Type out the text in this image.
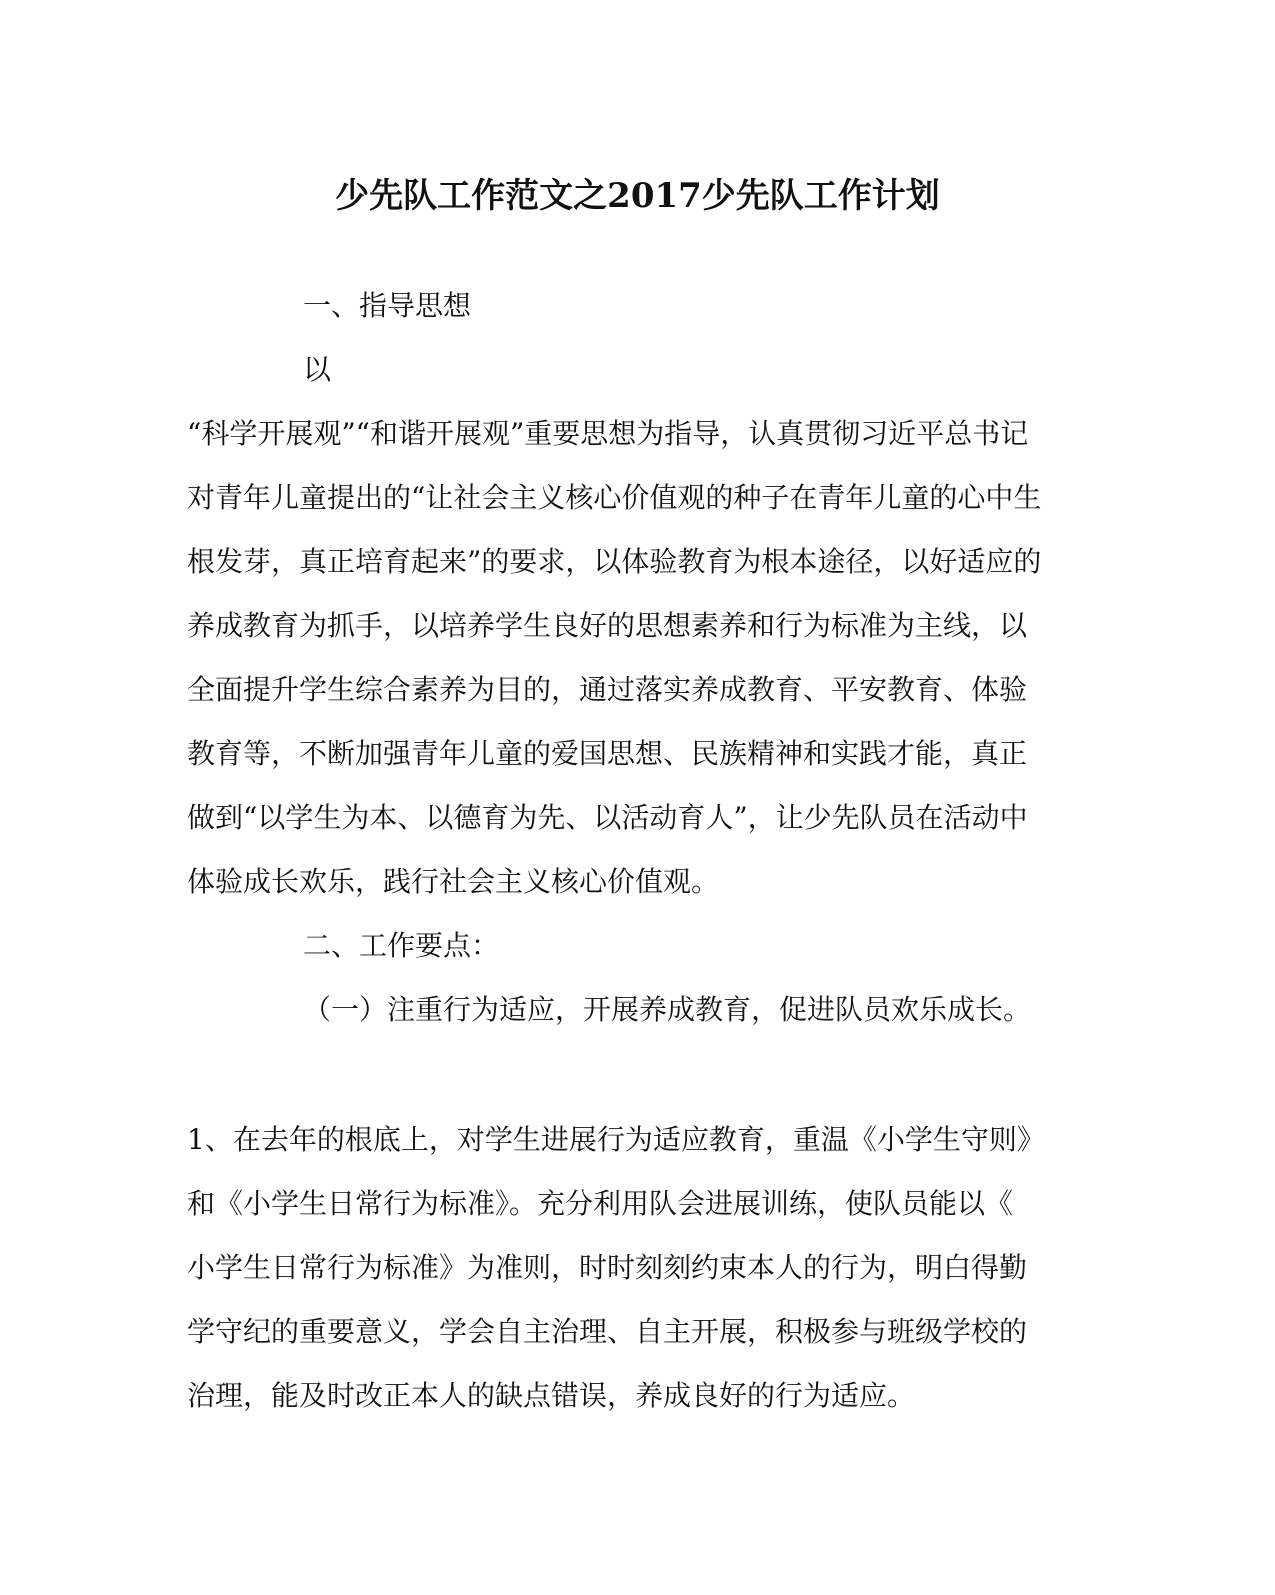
少先队工作范文之2017少先队工作计划
一、指导思想
以
“科学开展观”“和谐开展观”重要思想为指导，认真贯彻习近平总书记
对青年儿童提出的“让社会主义核心价值观的种子在青年儿童的心中生
根发芽，真正培育起来”的要求，以体验教育为根本途径，以好适应的
养成教育为抓手，以培养学生良好的思想素养和行为标准为主线，以
全面提升学生综合素养为目的，通过落实养成教育、平安教育、体验
教育等，不断加强青年儿童的爱国思想、民族精神和实践才能，真正
做到“以学生为本、以德育为先、以活动育人”，让少先队员在活动中
体验成长欢乐，践行社会主义核心价值观。
二、工作要点：
（一）注重行为适应，开展养成教育，促进队员欢乐成长。
1、在去年的根底上，对学生进展行为适应教育，重温《小学生守则》
和《小学生日常行为标准》。充分利用队会进展训练，使队员能以《
小学生日常行为标准》为准则，时时刻刻约束本人的行为，明白得勤
学守纪的重要意义，学会自主治理、自主开展，积极参与班级学校的
治理，能及时改正本人的缺点错误，养成良好的行为适应。
